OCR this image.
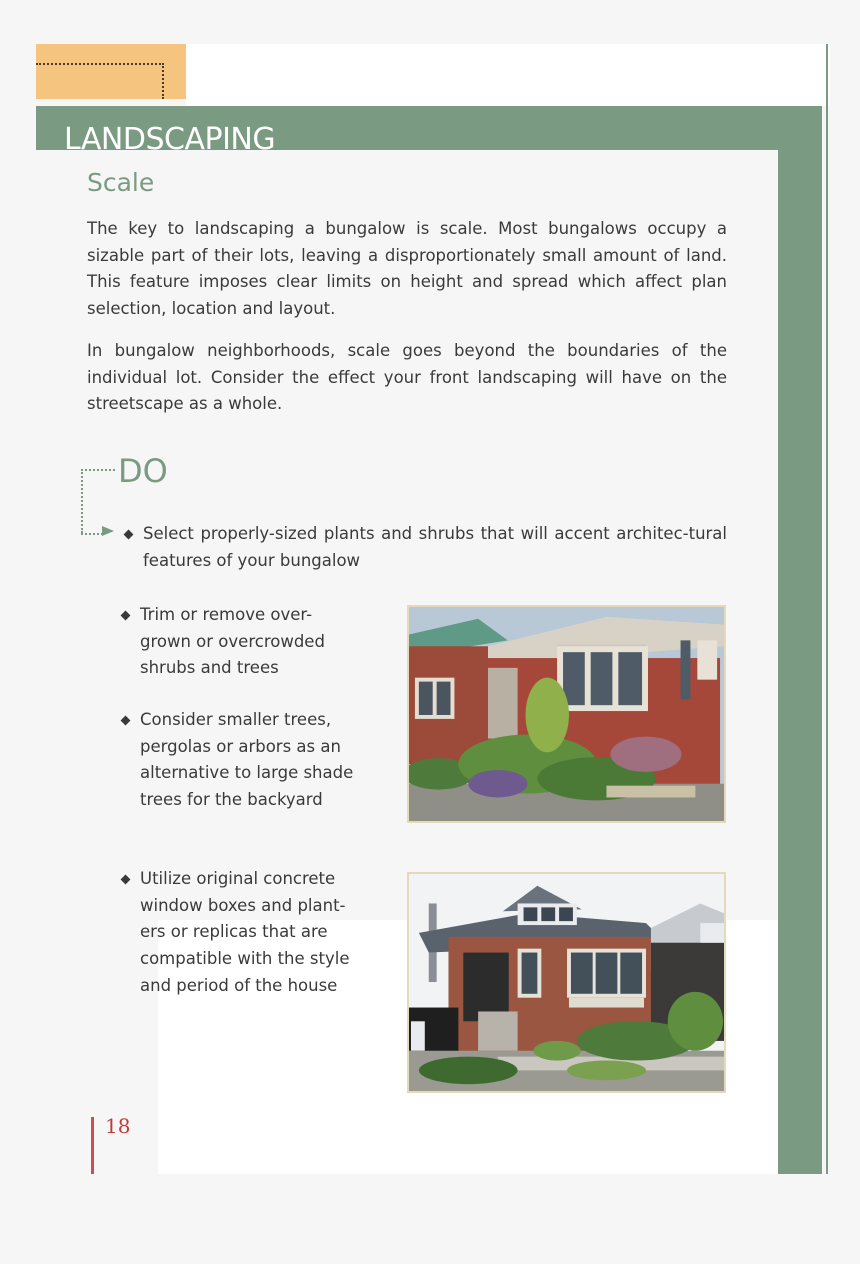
LANDSCAPING
Scale

The key to landscaping a bungalow is scale. Most bungalows occupy a sizable part of their lots, leaving a disproportionately small amount of land. This feature imposes clear limits on height and spread which affect plan selection, location and layout.

In bungalow neighborhoods, scale goes beyond the boundaries of the individual lot. Consider the effect your front landscaping will have on the streetscape as a whole.

DO
Select properly-sized plants and shrubs that will accent architec-tural features of your bungalow
Trim or remove over-grown or overcrowded shrubs and trees
Consider smaller trees, pergolas or arbors as an alternative to large shade trees for the backyard
Utilize original concrete window boxes and plant-ers or replicas that are compatible with the style and period of the house
18
